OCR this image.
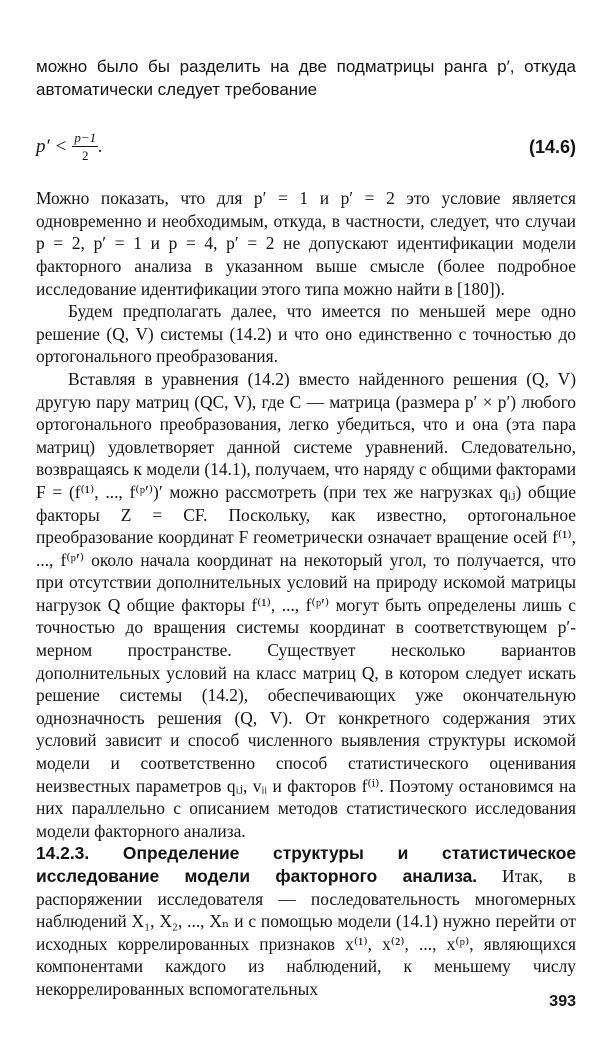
можно было бы разделить на две подматрицы ранга p′, откуда автоматически следует требование

$p' < \frac{p-1}{2}$ .	(14.6)

Можно показать, что для p′ = 1 и p′ = 2 это условие является одновременно и необходимым, откуда, в частности, следует, что случаи p = 2, p′ = 1 и p = 4, p′ = 2 не допускают идентификации модели факторного анализа в указанном выше смысле (более подробное исследование идентификации этого типа можно найти в [180]).

Будем предполагать далее, что имеется по меньшей мере одно решение (Q, V) системы (14.2) и что оно единственно с точностью до ортогонального преобразования.

Вставляя в уравнения (14.2) вместо найденного решения (Q, V) другую пару матриц (QC, V), где C — матрица (размера p′ × p′) любого ортогонального преобразования, легко убедиться, что и она (эта пара матриц) удовлетворяет данной системе уравнений. Следовательно, возвращаясь к модели (14.1), получаем, что наряду с общими факторами F = (f⁽¹⁾, ..., f⁽ᵖ′⁾)′ можно рассмотреть (при тех же нагрузках qᵢⱼ) общие факторы Z = CF. Поскольку, как известно, ортогональное преобразование координат F геометрически означает вращение осей f⁽¹⁾, ..., f⁽ᵖ′⁾ около начала координат на некоторый угол, то получается, что при отсутствии дополнительных условий на природу искомой матрицы нагрузок Q общие факторы f⁽¹⁾, ..., f⁽ᵖ′⁾ могут быть определены лишь с точностью до вращения системы координат в соответствующем p′-мерном пространстве. Существует несколько вариантов дополнительных условий на класс матриц Q, в котором следует искать решение системы (14.2), обеспечивающих уже окончательную однозначность решения (Q, V). От конкретного содержания этих условий зависит и способ численного выявления структуры искомой модели и соответственно способ статистического оценивания неизвестных параметров qᵢⱼ, vᵢᵢ и факторов f⁽ⁱ⁾. Поэтому остановимся на них параллельно с описанием методов статистического исследования модели факторного анализа.

14.2.3. Определение структуры и статистическое исследование модели факторного анализа. Итак, в распоряжении исследователя — последовательность многомерных наблюдений X₁, X₂, ..., Xₙ и с помощью модели (14.1) нужно перейти от исходных коррелированных признаков x⁽¹⁾, x⁽²⁾, ..., x⁽ᵖ⁾, являющихся компонентами каждого из наблюдений, к меньшему числу некоррелированных вспомогательных

393
